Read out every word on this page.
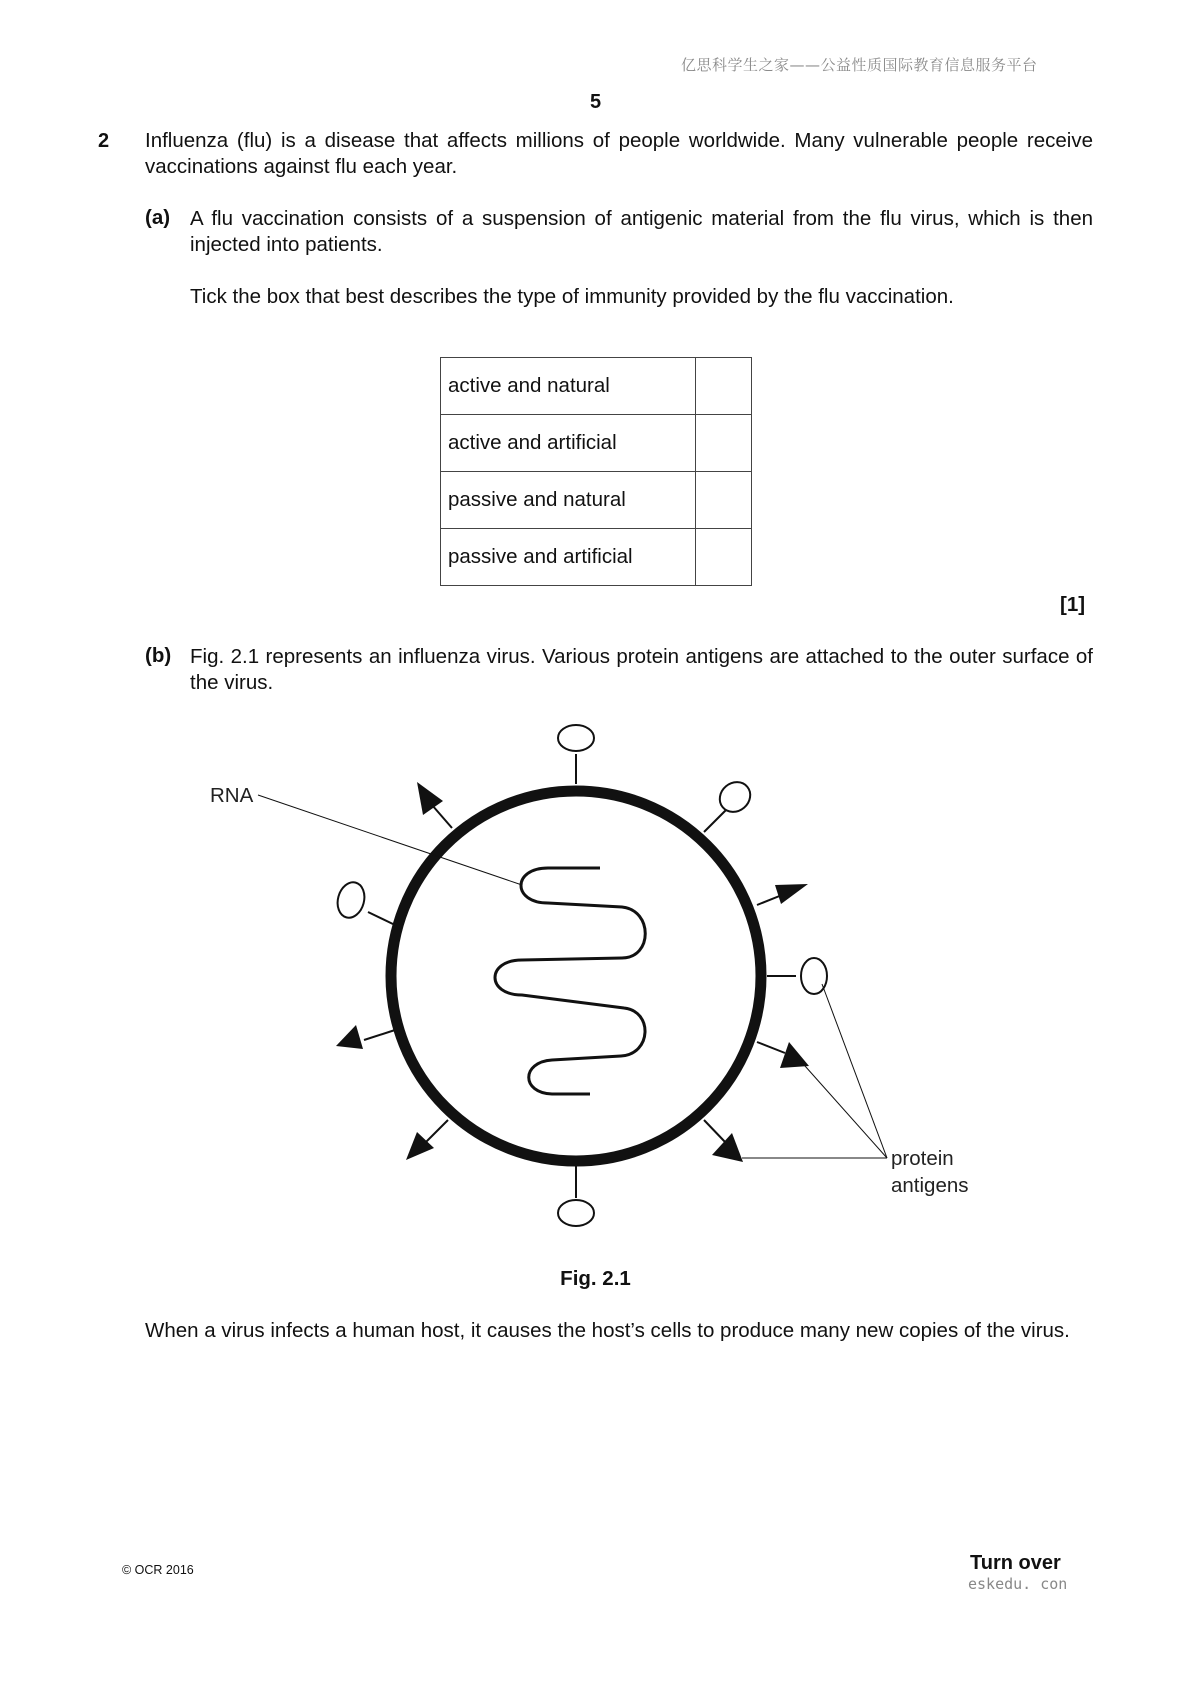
亿思科学生之家——公益性质国际教育信息服务平台
5
2 Influenza (flu) is a disease that affects millions of people worldwide. Many vulnerable people receive vaccinations against flu each year.
(a) A flu vaccination consists of a suspension of antigenic material from the flu virus, which is then injected into patients.
Tick the box that best describes the type of immunity provided by the flu vaccination.
active and natural	
active and artificial	
passive and natural	
passive and artificial	
[1]
(b) Fig. 2.1 represents an influenza virus. Various protein antigens are attached to the outer surface of the virus.
RNA
protein
antigens
Fig. 2.1
When a virus infects a human host, it causes the host’s cells to produce many new copies of the virus.
© OCR 2016	Turn over
eskedu. con
